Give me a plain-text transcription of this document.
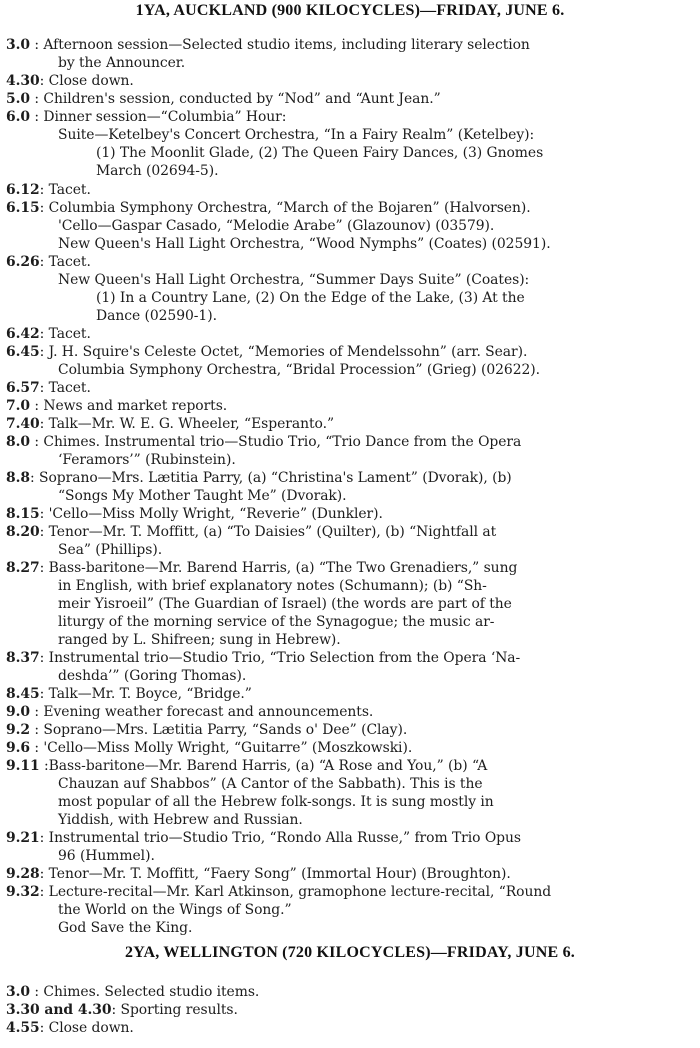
1YA, AUCKLAND (900 KILOCYCLES)—FRIDAY, JUNE 6.
3.0 : Afternoon session—Selected studio items, including literary selection
by the Announcer.
4.30: Close down.
5.0 : Children's session, conducted by “Nod” and “Aunt Jean.”
6.0 : Dinner session—“Columbia” Hour:
Suite—Ketelbey's Concert Orchestra, “In a Fairy Realm” (Ketelbey):
(1) The Moonlit Glade, (2) The Queen Fairy Dances, (3) Gnomes
March (02694-5).
6.12: Tacet.
6.15: Columbia Symphony Orchestra, “March of the Bojaren” (Halvorsen).
'Cello—Gaspar Casado, “Melodie Arabe” (Glazounov) (03579).
New Queen's Hall Light Orchestra, “Wood Nymphs” (Coates) (02591).
6.26: Tacet.
New Queen's Hall Light Orchestra, “Summer Days Suite” (Coates):
(1) In a Country Lane, (2) On the Edge of the Lake, (3) At the
Dance (02590-1).
6.42: Tacet.
6.45: J. H. Squire's Celeste Octet, “Memories of Mendelssohn” (arr. Sear).
Columbia Symphony Orchestra, “Bridal Procession” (Grieg) (02622).
6.57: Tacet.
7.0 : News and market reports.
7.40: Talk—Mr. W. E. G. Wheeler, “Esperanto.”
8.0 : Chimes. Instrumental trio—Studio Trio, “Trio Dance from the Opera
‘Feramors’” (Rubinstein).
8.8: Soprano—Mrs. Lætitia Parry, (a) “Christina's Lament” (Dvorak), (b)
“Songs My Mother Taught Me” (Dvorak).
8.15: 'Cello—Miss Molly Wright, “Reverie” (Dunkler).
8.20: Tenor—Mr. T. Moffitt, (a) “To Daisies” (Quilter), (b) “Nightfall at
Sea” (Phillips).
8.27: Bass-baritone—Mr. Barend Harris, (a) “The Two Grenadiers,” sung
in English, with brief explanatory notes (Schumann); (b) “Sh-
meir Yisroeil” (The Guardian of Israel) (the words are part of the
liturgy of the morning service of the Synagogue; the music ar-
ranged by L. Shifreen; sung in Hebrew).
8.37: Instrumental trio—Studio Trio, “Trio Selection from the Opera ‘Na-
deshda’” (Goring Thomas).
8.45: Talk—Mr. T. Boyce, “Bridge.”
9.0 : Evening weather forecast and announcements.
9.2 : Soprano—Mrs. Lætitia Parry, “Sands o' Dee” (Clay).
9.6 : 'Cello—Miss Molly Wright, “Guitarre” (Moszkowski).
9.11 :Bass-baritone—Mr. Barend Harris, (a) “A Rose and You,” (b) “A
Chauzan auf Shabbos” (A Cantor of the Sabbath). This is the
most popular of all the Hebrew folk-songs. It is sung mostly in
Yiddish, with Hebrew and Russian.
9.21: Instrumental trio—Studio Trio, “Rondo Alla Russe,” from Trio Opus
96 (Hummel).
9.28: Tenor—Mr. T. Moffitt, “Faery Song” (Immortal Hour) (Broughton).
9.32: Lecture-recital—Mr. Karl Atkinson, gramophone lecture-recital, “Round
the World on the Wings of Song.”
God Save the King.
2YA, WELLINGTON (720 KILOCYCLES)—FRIDAY, JUNE 6.
3.0 : Chimes. Selected studio items.
3.30 and 4.30: Sporting results.
4.55: Close down.
